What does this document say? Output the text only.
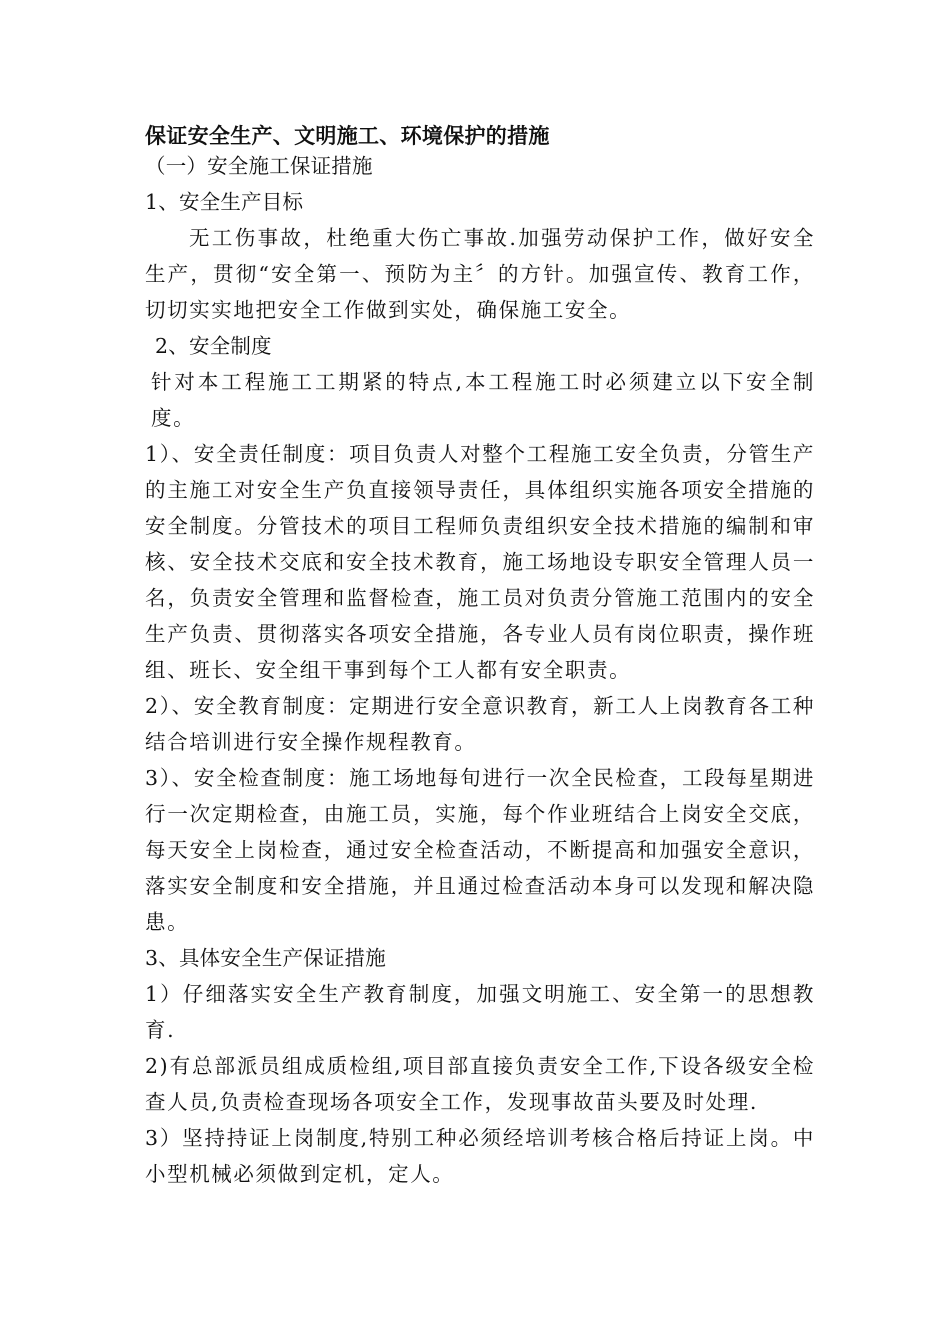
保证安全生产、文明施工、环境保护的措施

（一）安全施工保证措施

1、安全生产目标

无工伤事故，杜绝重大伤亡事故.加强劳动保护工作，做好安全生产，贯彻“安全第一、预防为主〞的方针。加强宣传、教育工作，切切实实地把安全工作做到实处，确保施工安全。

2、安全制度

针对本工程施工工期紧的特点,本工程施工时必须建立以下安全制度。

1）、安全责任制度：项目负责人对整个工程施工安全负责，分管生产的主施工对安全生产负直接领导责任，具体组织实施各项安全措施的安全制度。分管技术的项目工程师负责组织安全技术措施的编制和审核、安全技术交底和安全技术教育，施工场地设专职安全管理人员一名，负责安全管理和监督检查，施工员对负责分管施工范围内的安全生产负责、贯彻落实各项安全措施，各专业人员有岗位职责，操作班组、班长、安全组干事到每个工人都有安全职责。

2）、安全教育制度：定期进行安全意识教育，新工人上岗教育各工种结合培训进行安全操作规程教育。

3）、安全检查制度：施工场地每旬进行一次全民检查，工段每星期进行一次定期检查，由施工员，实施，每个作业班结合上岗安全交底，每天安全上岗检查，通过安全检查活动，不断提高和加强安全意识，落实安全制度和安全措施，并且通过检查活动本身可以发现和解决隐患。

3、具体安全生产保证措施

1）仔细落实安全生产教育制度，加强文明施工、安全第一的思想教育.

2)有总部派员组成质检组,项目部直接负责安全工作,下设各级安全检查人员,负责检查现场各项安全工作，发现事故苗头要及时处理.

3）坚持持证上岗制度,特别工种必须经培训考核合格后持证上岗。中小型机械必须做到定机，定人。
